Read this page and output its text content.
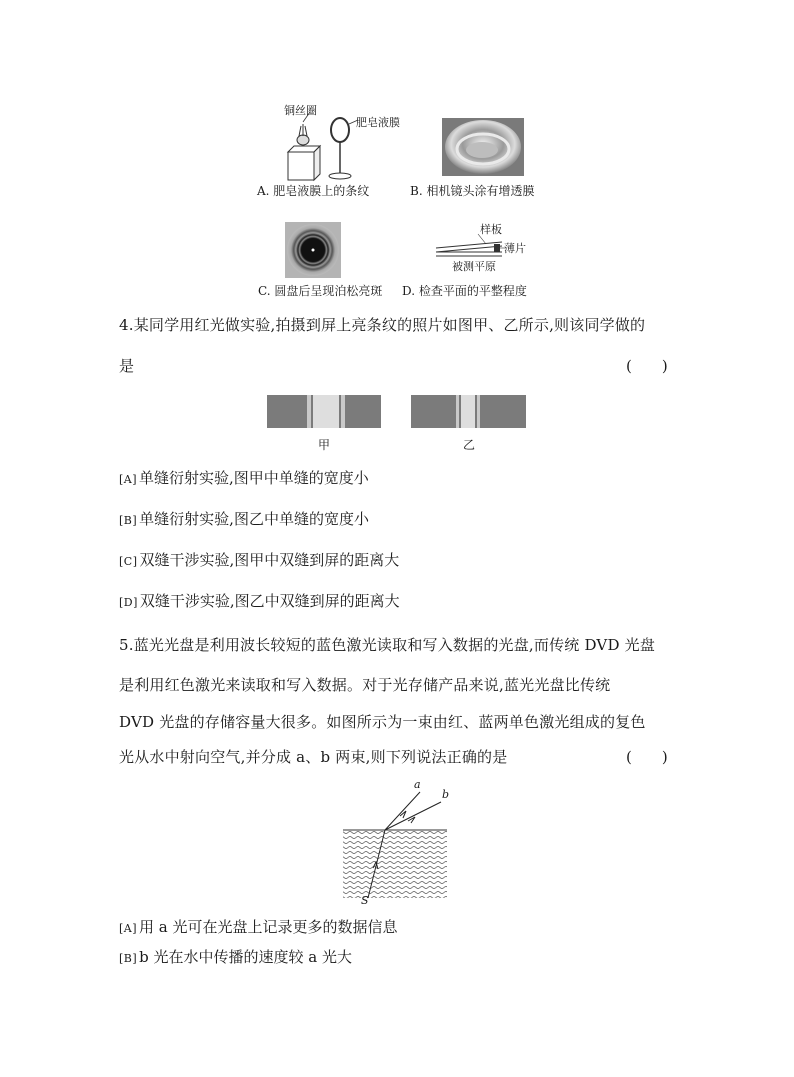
铜丝圈
肥皂液膜
A. 肥皂液膜上的条纹	B. 相机镜头涂有增透膜
C. 圆盘后呈现泊松亮斑
样板
薄片
被测平原
D. 检查平面的平整程度
4.某同学用红光做实验,拍摄到屏上亮条纹的照片如图甲、乙所示,则该同学做的
是	(　　)
甲	乙
[A] 单缝衍射实验,图甲中单缝的宽度小
[B] 单缝衍射实验,图乙中单缝的宽度小
[C] 双缝干涉实验,图甲中双缝到屏的距离大
[D] 双缝干涉实验,图乙中双缝到屏的距离大
5.蓝光光盘是利用波长较短的蓝色激光读取和写入数据的光盘,而传统 DVD 光盘
是利用红色激光来读取和写入数据。对于光存储产品来说,蓝光光盘比传统
DVD 光盘的存储容量大很多。如图所示为一束由红、蓝两单色激光组成的复色
光从水中射向空气,并分成 a、b 两束,则下列说法正确的是	(　　)
a
b
S
[A] 用 a 光可在光盘上记录更多的数据信息
[B] b 光在水中传播的速度较 a 光大
